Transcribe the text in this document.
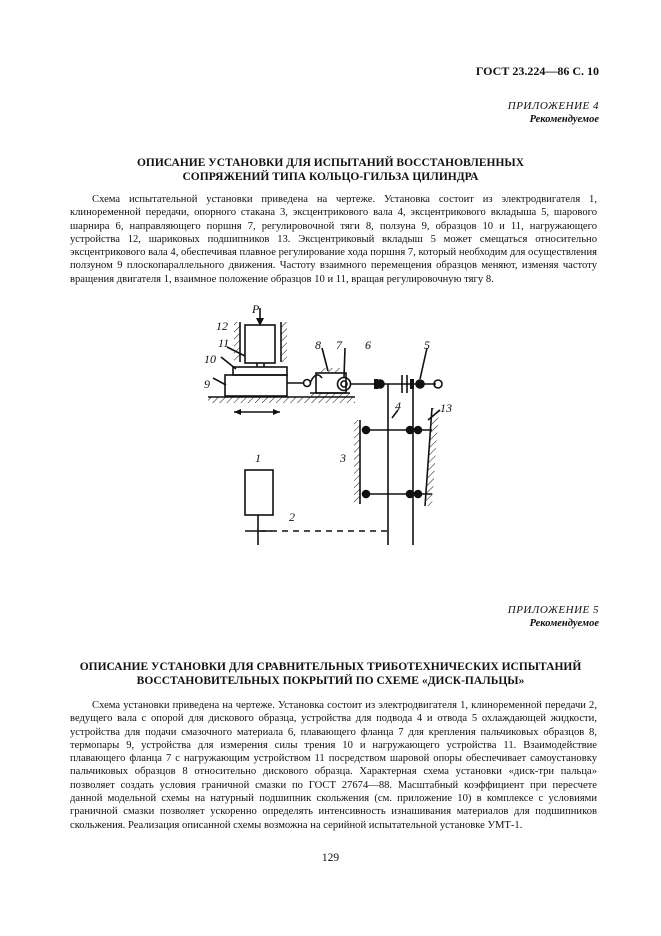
ГОСТ 23.224—86 С. 10
ПРИЛОЖЕНИЕ 4
Рекомендуемое
ОПИСАНИЕ УСТАНОВКИ ДЛЯ ИСПЫТАНИЙ ВОССТАНОВЛЕННЫХ
СОПРЯЖЕНИЙ ТИПА КОЛЬЦО-ГИЛЬЗА ЦИЛИНДРА

Схема испытательной установки приведена на чертеже. Установка состоит из электродвигателя 1, клиноременной передачи, опорного стакана 3, эксцентрикового вала 4, эксцентрикового вкладыша 5, шарового шарнира 6, направляющего поршня 7, регулировочной тяги 8, ползуна 9, образцов 10 и 11, нагружающего устройства 12, шариковых подшипников 13. Эксцентриковый вкладыш 5 может смещаться относительно эксцентрикового вала 4, обеспечивая плавное регулирование хода поршня 7, который необходим для осуществления ползуном 9 плоскопараллельного движения. Частоту взаимного перемещения образцов меняют, изменяя частоту вращения двигателя 1, взаимное положение образцов 10 и 11, вращая регулировочную тягу 8.

P
12
11
10
9
8 7 6	5
4	13
3
1
2
ПРИЛОЖЕНИЕ 5
Рекомендуемое
ОПИСАНИЕ УСТАНОВКИ ДЛЯ СРАВНИТЕЛЬНЫХ ТРИБОТЕХНИЧЕСКИХ ИСПЫТАНИЙ
ВОССТАНОВИТЕЛЬНЫХ ПОКРЫТИЙ ПО СХЕМЕ «ДИСК-ПАЛЬЦЫ»

Схема установки приведена на чертеже. Установка состоит из электродвигателя 1, клиноременной передачи 2, ведущего вала с опорой для дискового образца, устройства для подвода 4 и отвода 5 охлаждающей жидкости, устройства для подачи смазочного материала 6, плавающего фланца 7 для крепления пальчиковых образцов 8, термопары 9, устройства для измерения силы трения 10 и нагружающего устройства 11. Взаимодействие плавающего фланца 7 с нагружающим устройством 11 посредством шаровой опоры обеспечивает самоустановку пальчиковых образцов 8 относительно дискового образца. Характерная схема установки «диск-три пальца» позволяет создать условия граничной смазки по ГОСТ 27674—88. Масштабный коэффициент при пересчете данной модельной схемы на натурный подшипник скольжения (см. приложение 10) в комплексе с условиями граничной смазки позволяет ускоренно определять интенсивность изнашивания материалов для подшипников скольжения. Реализация описанной схемы возможна на серийной испытательной установке УМТ-1.

129
